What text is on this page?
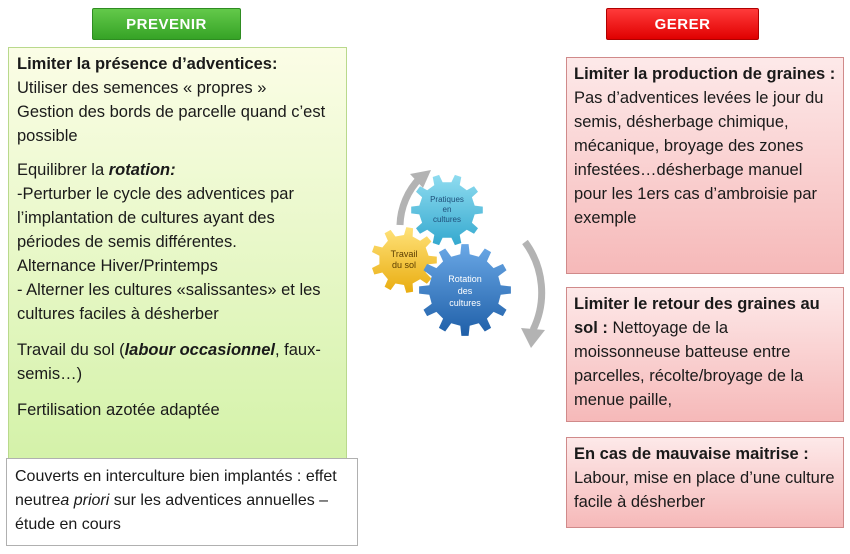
PREVENIR	GERER

Limiter la présence d’adventices:

Utiliser des semences « propres »

Gestion des bords de parcelle quand c’est possible

Equilibrer la rotation:

-Perturber le cycle des adventices par l’implantation de cultures ayant des périodes de semis différentes.

Alternance Hiver/Printemps

- Alterner les cultures «salissantes» et les cultures faciles à désherber

Travail du sol (labour occasionnel, faux-semis…)

Fertilisation azotée adaptée

Couverts en interculture bien implantés : effet neutrea priori sur les adventices annuelles – étude en cours
Pratiques
en
cultures
Travail
du sol
Rotation
des
cultures

Limiter la production de graines : Pas d’adventices levées le jour du semis, désherbage chimique, mécanique, broyage des zones infestées…désherbage manuel pour les 1ers cas d’ambroisie par exemple

Limiter le retour des graines au sol : Nettoyage de la moissonneuse batteuse entre parcelles, récolte/broyage de la menue paille,

En cas de mauvaise maitrise :

Labour, mise en place d’une culture facile à désherber
